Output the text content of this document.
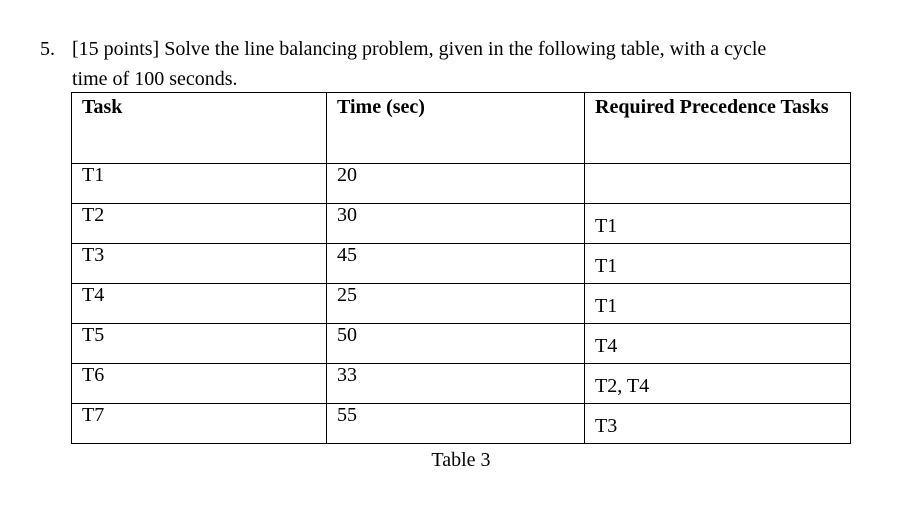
5. [15 points] Solve the line balancing problem, given in the following table, with a cycle
time of 100 seconds.
Task	Time (sec)	Required Precedence Tasks

T1	20	

T2	30	T1

T3	45	T1

T4	25	T1

T5	50	T4

T6	33	T2, T4

T7	55	T3
Table 3
